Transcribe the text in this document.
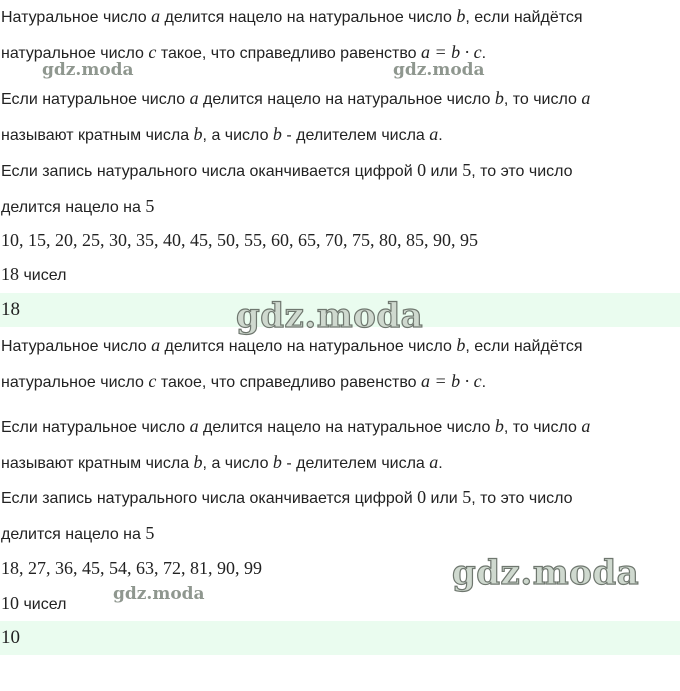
Натуральное число a делится нацело на натуральное число b, если найдётся

натуральное число c такое, что справедливо равенство a = b · c.

Если натуральное число a делится нацело на натуральное число b, то число a

называют кратным числа b, а число b - делителем числа a.

Если запись натурального числа оканчивается цифрой 0 или 5, то это число

делится нацело на 5

10, 15, 20, 25, 30, 35, 40, 45, 50, 55, 60, 65, 70, 75, 80, 85, 90, 95

18 чисел

18

Натуральное число a делится нацело на натуральное число b, если найдётся

натуральное число c такое, что справедливо равенство a = b · c.

Если натуральное число a делится нацело на натуральное число b, то число a

называют кратным числа b, а число b - делителем числа a.

Если запись натурального числа оканчивается цифрой 0 или 5, то это число

делится нацело на 5

18, 27, 36, 45, 54, 63, 72, 81, 90, 99

10 чисел

10
gdz.moda	gdz.moda
gdz.moda
gdz.moda
gdz.moda
